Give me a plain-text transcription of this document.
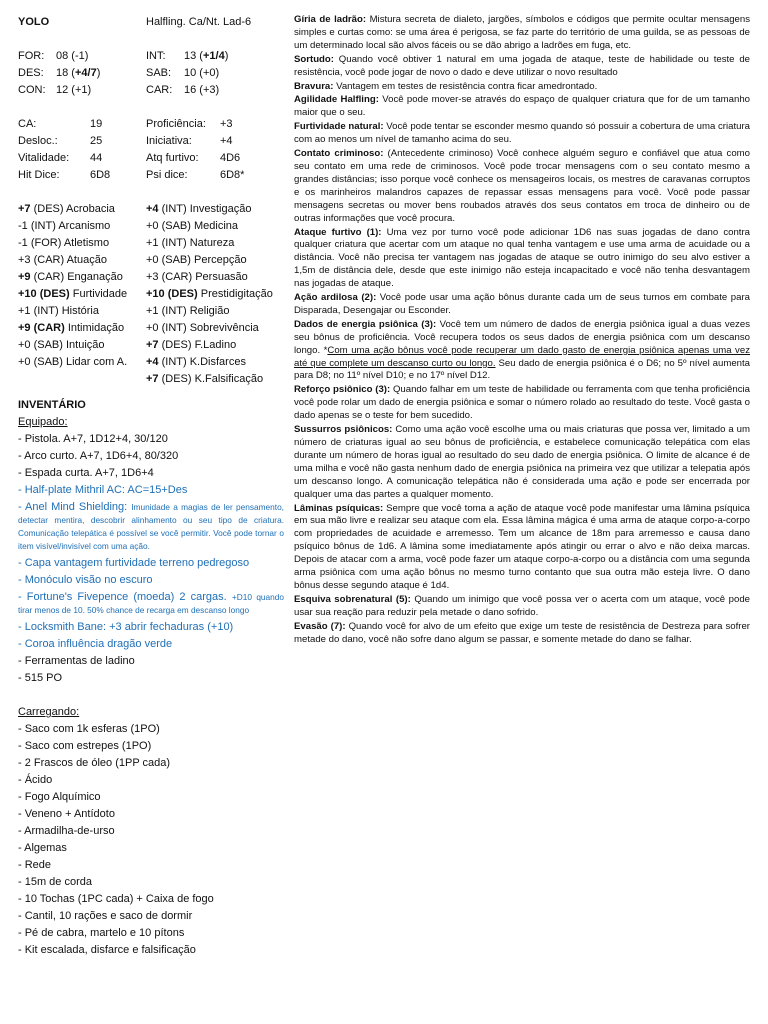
YOLO	Halfling. Ca/Nt. Lad-6
FOR: 08 (-1)	INT: 13 (+1/4)
DES: 18 (+4/7)	SAB: 10 (+0)
CON: 12 (+1)	CAR: 16 (+3)
CA:	19	Proficiência: +3
Desloc.:	25	Iniciativa:	+4
Vitalidade: 44	Atq furtivo: 4D6
Hit Dice:	6D8	Psi dice:	6D8*
+7 (DES) Acrobacia	+4 (INT) Investigação
-1 (INT) Arcanismo	+0 (SAB) Medicina
-1 (FOR) Atletismo	+1 (INT) Natureza
+3 (CAR) Atuação	+0 (SAB) Percepção
+9 (CAR) Enganação +3 (CAR) Persuasão
+10 (DES) Furtividade +10 (DES) Prestidigitação
+1 (INT) História	+1 (INT) Religião
+9 (CAR) Intimidação +0 (INT) Sobrevivência
+0 (SAB) Intuição	+7 (DES) F.Ladino
+0 (SAB) Lidar com A. +4 (INT) K.Disfarces
+7 (DES) K.Falsificação
INVENTÁRIO
Equipado:
- Pistola. A+7, 1D12+4, 30/120
- Arco curto. A+7, 1D6+4, 80/320
- Espada curta. A+7, 1D6+4
- Half-plate Mithril AC: AC=15+Des
- Anel Mind Shielding: Imunidade a magias de ler pensamento, detectar mentira, descobrir alinhamento ou seu tipo de criatura. Comunicação telepática é possível se você permitir. Você pode tornar o item visível/invisível com uma ação.
- Capa vantagem furtividade terreno pedregoso
- Monóculo visão no escuro
- Fortune's Fivepence (moeda) 2 cargas. +D10 quando tirar menos de 10. 50% chance de recarga em descanso longo
- Locksmith Bane: +3 abrir fechaduras (+10)
- Coroa influência dragão verde
- Ferramentas de ladino
- 515 PO
Carregando:
- Saco com 1k esferas (1PO)
- Saco com estrepes (1PO)
- 2 Frascos de óleo (1PP cada)
- Ácido
- Fogo Alquímico
- Veneno + Antídoto
- Armadilha-de-urso
- Algemas
- Rede
- 15m de corda
- 10 Tochas (1PC cada) + Caixa de fogo
- Cantil, 10 rações e saco de dormir
- Pé de cabra, martelo e 10 pítons
- Kit escalada, disfarce e falsificação
Gíria de ladrão: Mistura secreta de dialeto, jargões, símbolos e códigos que permite ocultar mensagens simples e curtas como: se uma área é perigosa, se faz parte do território de uma guilda, se as pessoas de um determinado local são alvos fáceis ou se dão abrigo a ladrões em fuga, etc.
Sortudo: Quando você obtiver 1 natural em uma jogada de ataque, teste de habilidade ou teste de resistência, você pode jogar de novo o dado e deve utilizar o novo resultado
Bravura: Vantagem em testes de resistência contra ficar amedrontado.
Agilidade Halfling: Você pode mover-se através do espaço de qualquer criatura que for de um tamanho maior que o seu.
Furtividade natural: Você pode tentar se esconder mesmo quando só possuir a cobertura de uma criatura com ao menos um nível de tamanho acima do seu.
Contato criminoso: (Antecedente criminoso) Você conhece alguém seguro e confiável que atua como seu contato em uma rede de criminosos. Você pode trocar mensagens com o seu contato mesmo a grandes distâncias; isso porque você conhece os mensageiros locais, os mestres de caravanas corruptos e os marinheiros malandros capazes de repassar essas mensagens para você. Você pode passar mensagens secretas ou mover bens roubados através dos seus contatos em troca de dinheiro ou de outras informações que você procura.
Ataque furtivo (1): Uma vez por turno você pode adicionar 1D6 nas suas jogadas de dano contra qualquer criatura que acertar com um ataque no qual tenha vantagem e use uma arma de acuidade ou a distância. Você não precisa ter vantagem nas jogadas de ataque se outro inimigo do seu alvo estiver a 1,5m de distância dele, desde que este inimigo não esteja incapacitado e você não tenha desvantagem nas jogadas de ataque.
Ação ardilosa (2): Você pode usar uma ação bônus durante cada um de seus turnos em combate para Disparada, Desengajar ou Esconder.
Dados de energia psiônica (3): Você tem um número de dados de energia psiônica igual a duas vezes seu bônus de proficiência. Você recupera todos os seus dados de energia psiônica com um descanso longo. *Com uma ação bônus você pode recuperar um dado gasto de energia psiônica apenas uma vez até que complete um descanso curto ou longo. Seu dado de energia psiônica é o D6; no 5º nível aumenta para D8; no 11º nível D10; e no 17º nível D12.
Reforço psiônico (3): Quando falhar em um teste de habilidade ou ferramenta com que tenha proficiência você pode rolar um dado de energia psiônica e somar o número rolado ao resultado do teste. Você gasta o dado apenas se o teste for bem sucedido.
Sussurros psiônicos: Como uma ação você escolhe uma ou mais criaturas que possa ver, limitado a um número de criaturas igual ao seu bônus de proficiência, e estabelece comunicação telepática com elas durante um número de horas igual ao resultado do seu dado de energia psiônica. O limite de alcance é de uma milha e você não gasta nenhum dado de energia psiônica na primeira vez que utilizar a telepatia após um descanso longo. A comunicação telepática não é considerada uma ação e pode ser encerrada por qualquer uma das partes a qualquer momento.
Lâminas psíquicas: Sempre que você toma a ação de ataque você pode manifestar uma lâmina psíquica em sua mão livre e realizar seu ataque com ela. Essa lâmina mágica é uma arma de ataque corpo-a-corpo com propriedades de acuidade e arremesso. Tem um alcance de 18m para arremesso e causa dano psíquico bônus de 1d6. A lâmina some imediatamente após atingir ou errar o alvo e não deixa marcas. Depois de atacar com a arma, você pode fazer um ataque corpo-a-corpo ou a distância com uma segunda arma psiônica com uma ação bônus no mesmo turno contanto que sua outra mão esteja livre. O dano bônus desse segundo ataque é 1d4.
Esquiva sobrenatural (5): Quando um inimigo que você possa ver o acerta com um ataque, você pode usar sua reação para reduzir pela metade o dano sofrido.
Evasão (7): Quando você for alvo de um efeito que exige um teste de resistência de Destreza para sofrer metade do dano, você não sofre dano algum se passar, e somente metade do dano se falhar.
